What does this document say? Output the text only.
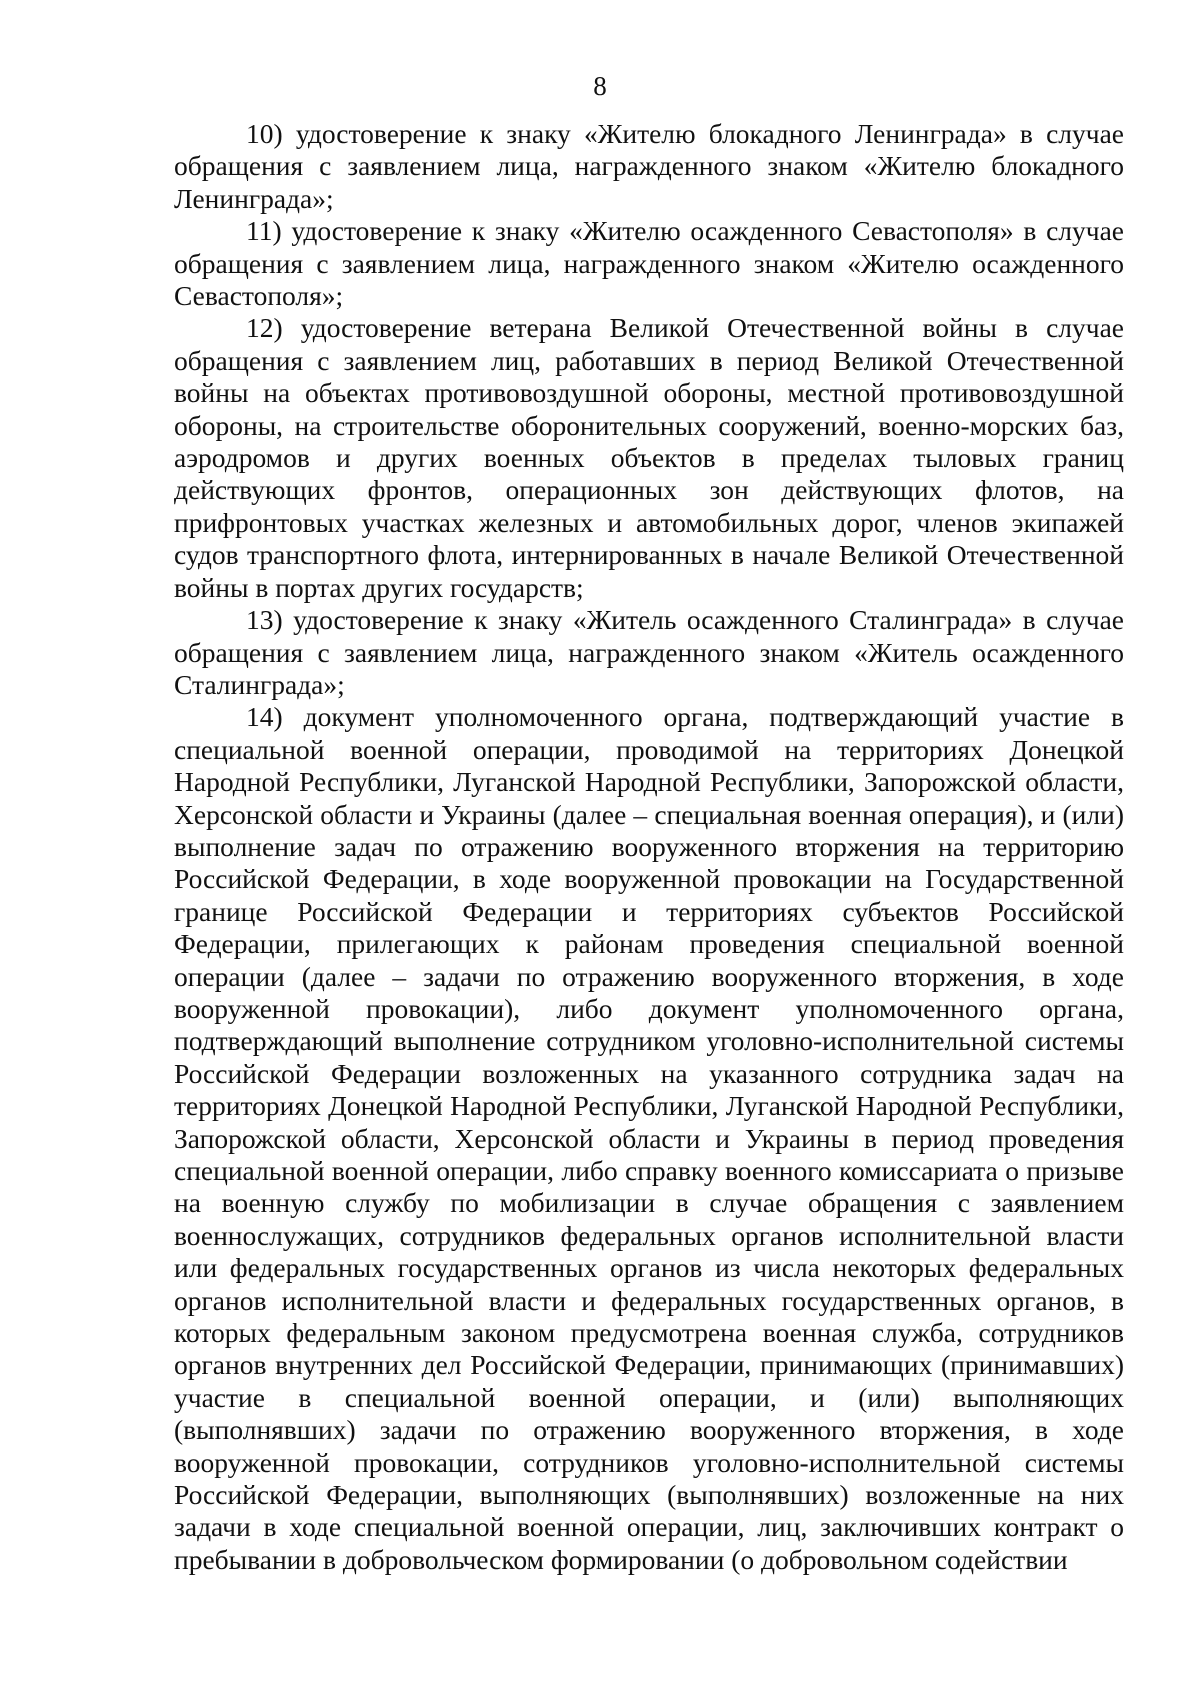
8

10) удостоверение к знаку «Жителю блокадного Ленинграда» в случае обращения с заявлением лица, награжденного знаком «Жителю блокадного Ленинграда»;

11) удостоверение к знаку «Жителю осажденного Севастополя» в случае обращения с заявлением лица, награжденного знаком «Жителю осажденного Севастополя»;

12) удостоверение ветерана Великой Отечественной войны в случае обращения с заявлением лиц, работавших в период Великой Отечественной войны на объектах противовоздушной обороны, местной противовоздушной обороны, на строительстве оборонительных сооружений, военно-морских баз, аэродромов и других военных объектов в пределах тыловых границ действующих фронтов, операционных зон действующих флотов, на прифронтовых участках железных и автомобильных дорог, членов экипажей судов транспортного флота, интернированных в начале Великой Отечественной войны в портах других государств;

13) удостоверение к знаку «Житель осажденного Сталинграда» в случае обращения с заявлением лица, награжденного знаком «Житель осажденного Сталинграда»;

14) документ уполномоченного органа, подтверждающий участие в специальной военной операции, проводимой на территориях Донецкой Народной Республики, Луганской Народной Республики, Запорожской области, Херсонской области и Украины (далее – специальная военная операция), и (или) выполнение задач по отражению вооруженного вторжения на территорию Российской Федерации, в ходе вооруженной провокации на Государственной границе Российской Федерации и территориях субъектов Российской Федерации, прилегающих к районам проведения специальной военной операции (далее – задачи по отражению вооруженного вторжения, в ходе вооруженной провокации), либо документ уполномоченного органа, подтверждающий выполнение сотрудником уголовно-исполнительной системы Российской Федерации возложенных на указанного сотрудника задач на территориях Донецкой Народной Республики, Луганской Народной Республики, Запорожской области, Херсонской области и Украины в период проведения специальной военной операции, либо справку военного комиссариата о призыве на военную службу по мобилизации в случае обращения с заявлением военнослужащих, сотрудников федеральных органов исполнительной власти или федеральных государственных органов из числа некоторых федеральных органов исполнительной власти и федеральных государственных органов, в которых федеральным законом предусмотрена военная служба, сотрудников органов внутренних дел Российской Федерации, принимающих (принимавших) участие в специальной военной операции, и (или) выполняющих (выполнявших) задачи по отражению вооруженного вторжения, в ходе вооруженной провокации, сотрудников уголовно-исполнительной системы Российской Федерации, выполняющих (выполнявших) возложенные на них задачи в ходе специальной военной операции, лиц, заключивших контракт о пребывании в добровольческом формировании (о добровольном содействии
